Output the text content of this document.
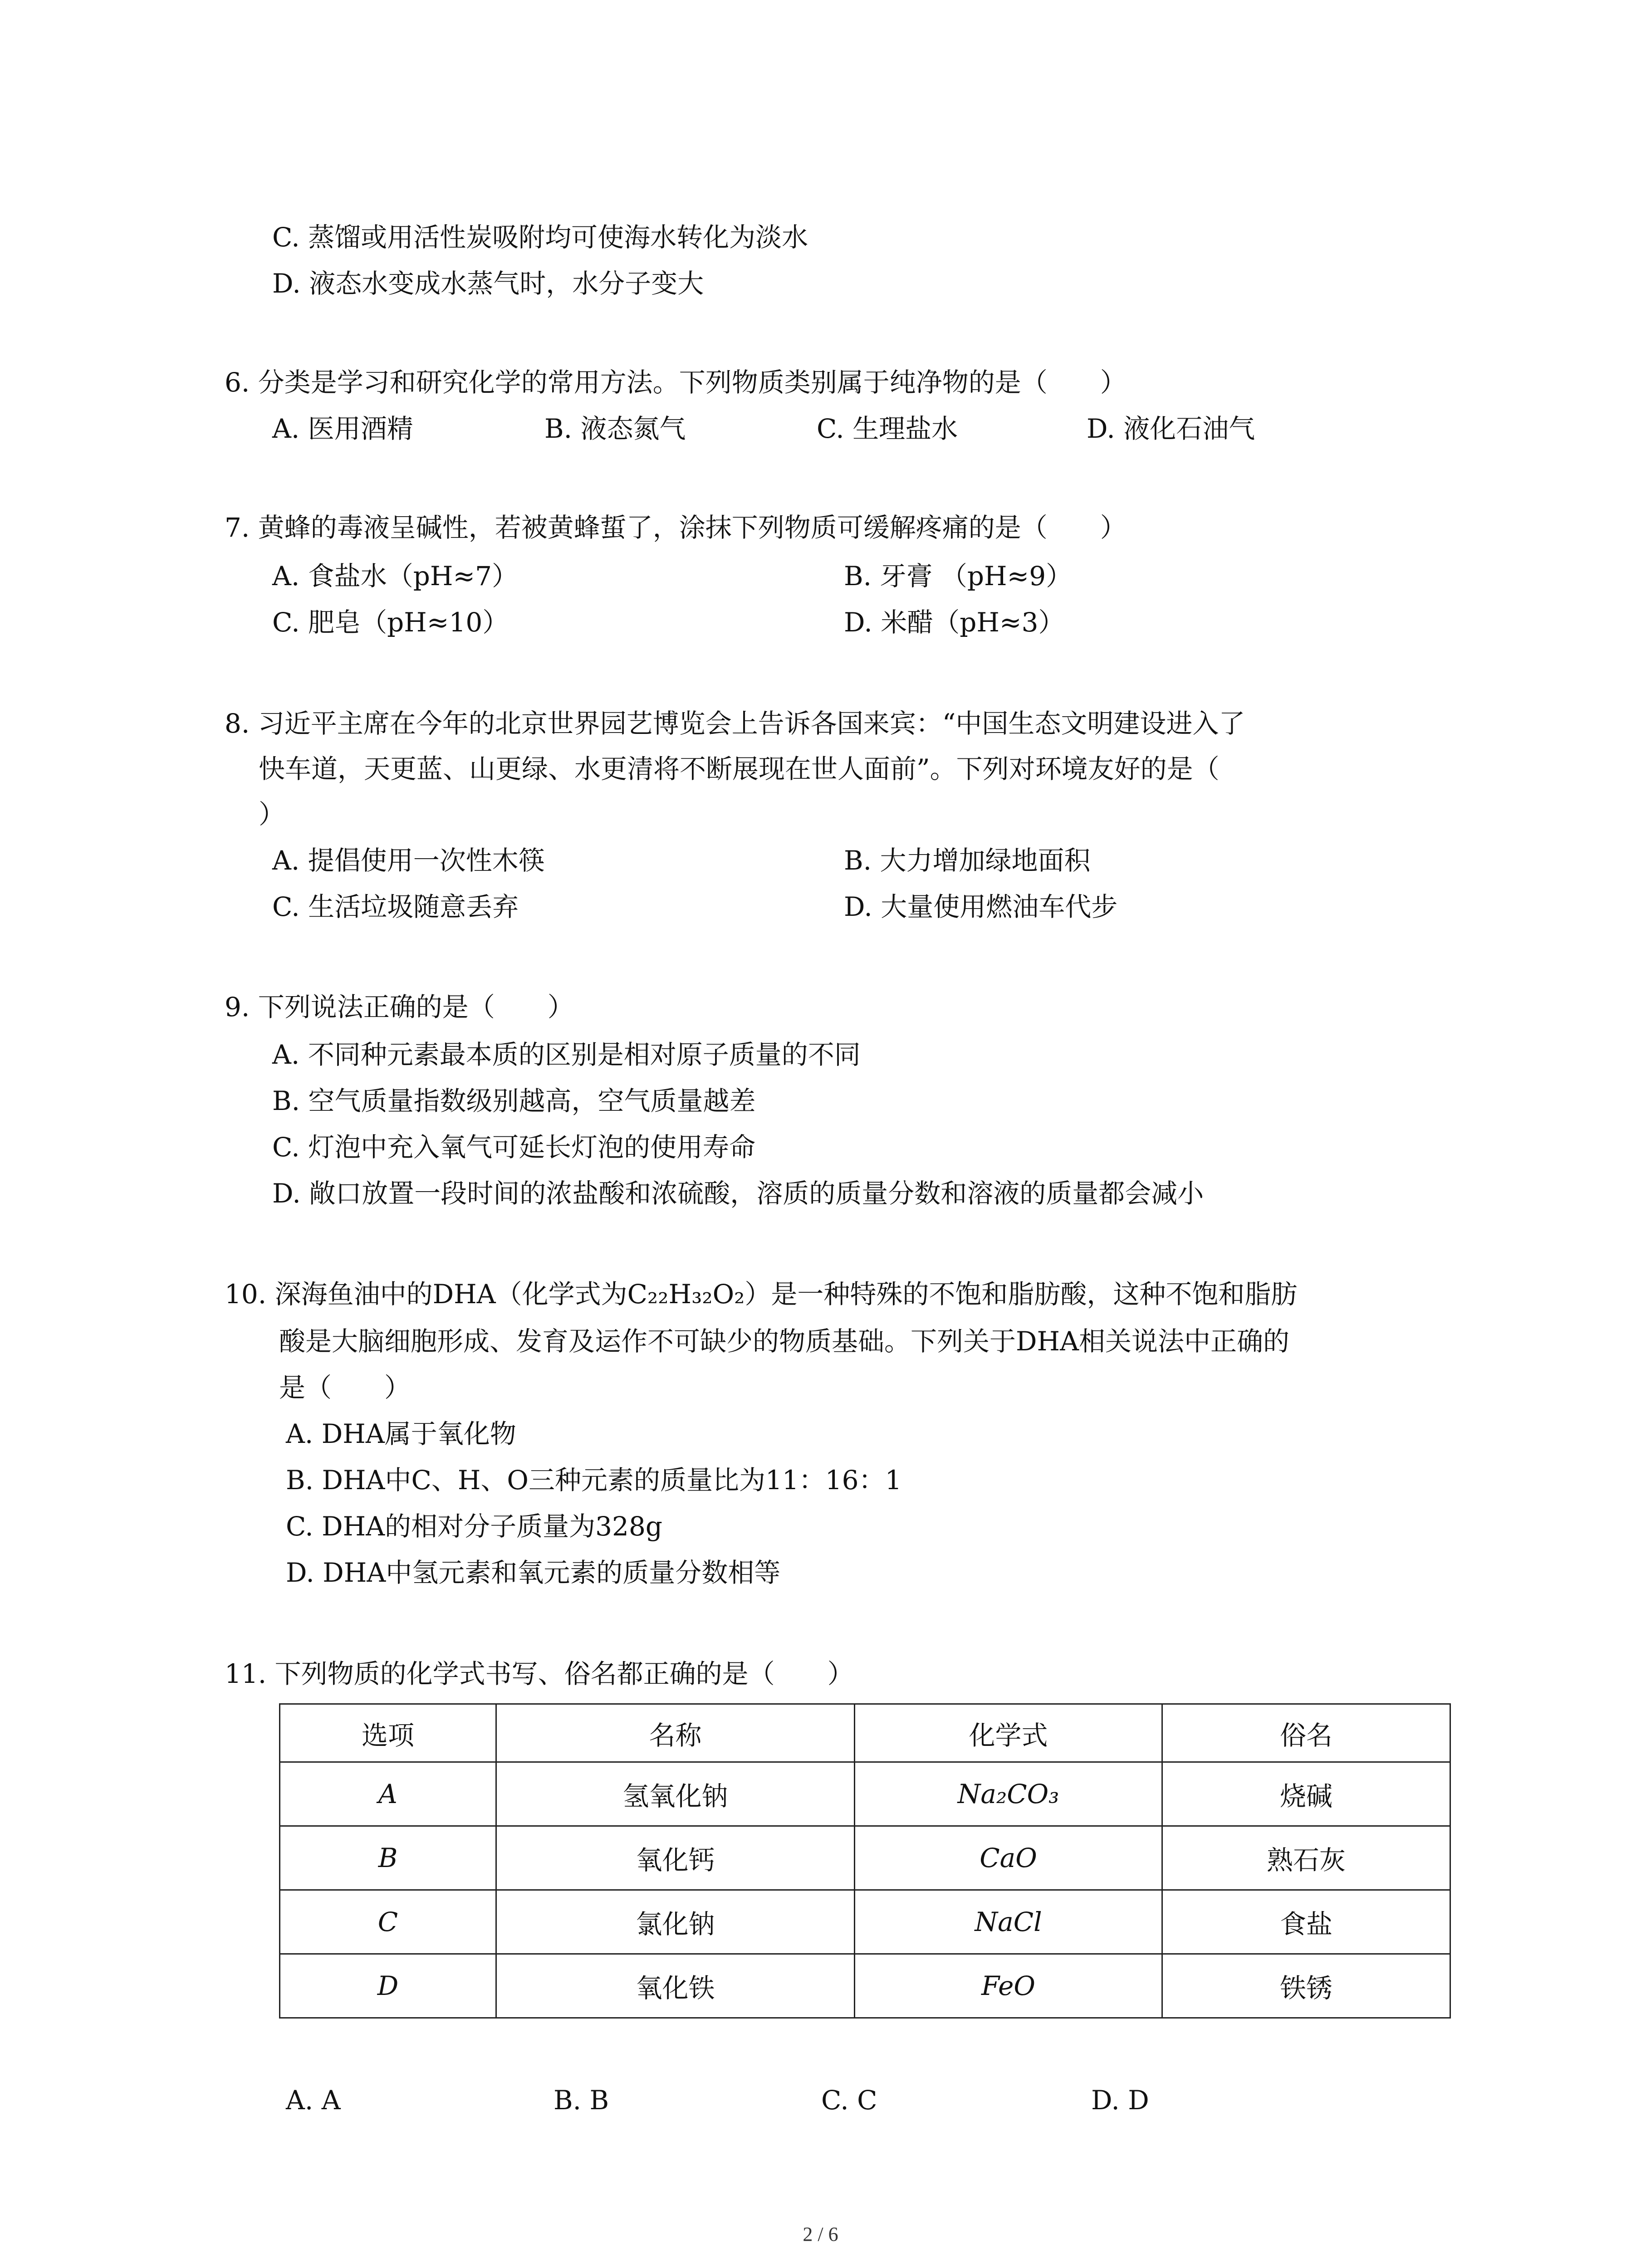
C. 蒸馏或用活性炭吸附均可使海水转化为淡水
D. 液态水变成水蒸气时，水分子变大
6. 分类是学习和研究化学的常用方法。下列物质类别属于纯净物的是（　　）
A. 医用酒精	B. 液态氮气	C. 生理盐水	D. 液化石油气
7. 黄蜂的毒液呈碱性，若被黄蜂蜇了，涂抹下列物质可缓解疼痛的是（　　）
A. 食盐水（pH≈7）	B. 牙膏 （pH≈9）
C. 肥皂（pH≈10）	D. 米醋（pH≈3）
8. 习近平主席在今年的北京世界园艺博览会上告诉各国来宾：“中国生态文明建设进入了
快车道，天更蓝、山更绿、水更清将不断展现在世人面前”。下列对环境友好的是（
）
A. 提倡使用一次性木筷	B. 大力增加绿地面积
C. 生活垃圾随意丢弃	D. 大量使用燃油车代步
9. 下列说法正确的是（　　）
A. 不同种元素最本质的区别是相对原子质量的不同
B. 空气质量指数级别越高，空气质量越差
C. 灯泡中充入氧气可延长灯泡的使用寿命
D. 敞口放置一段时间的浓盐酸和浓硫酸，溶质的质量分数和溶液的质量都会减小
10. 深海鱼油中的DHA（化学式为C₂₂H₃₂O₂）是一种特殊的不饱和脂肪酸，这种不饱和脂肪
酸是大脑细胞形成、发育及运作不可缺少的物质基础。下列关于DHA相关说法中正确的
是（　　）
A. DHA属于氧化物
B. DHA中C、H、O三种元素的质量比为11：16：1
C. DHA的相对分子质量为328g
D. DHA中氢元素和氧元素的质量分数相等
11. 下列物质的化学式书写、俗名都正确的是（　　）
选项	名称	化学式	俗名
A	氢氧化钠	Na₂CO₃	烧碱
B	氧化钙	CaO	熟石灰
C	氯化钠	NaCl	食盐
D	氧化铁	FeO	铁锈
A. A	B. B	C. C	D. D
2 / 6
